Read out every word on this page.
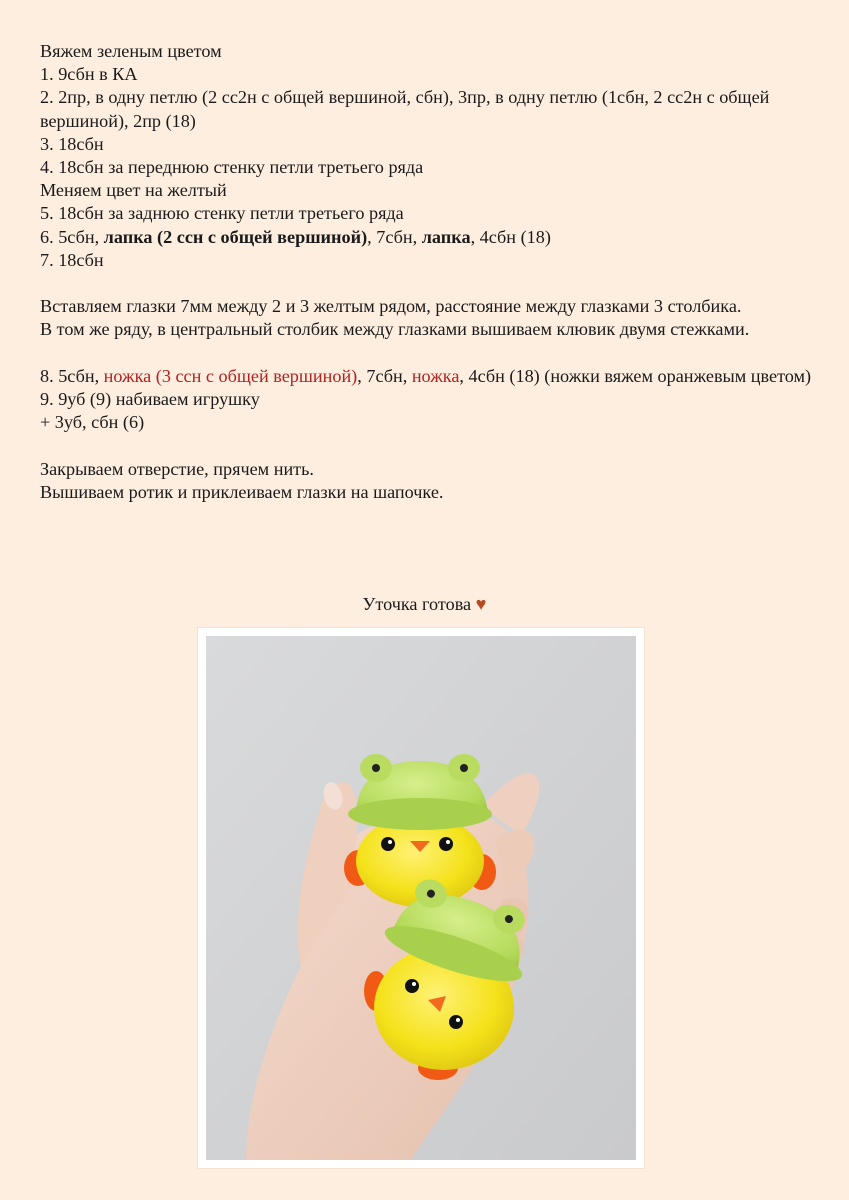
Вяжем зеленым цветом
1. 9сбн в КА
2. 2пр, в одну петлю (2 сс2н с общей вершиной, сбн), 3пр, в одну петлю (1сбн, 2 сс2н с общей вершиной), 2пр (18)
3. 18сбн
4. 18сбн за переднюю стенку петли третьего ряда
Меняем цвет на желтый
5. 18сбн за заднюю стенку петли третьего ряда
6. 5сбн, лапка (2 ссн с общей вершиной), 7сбн, лапка, 4сбн (18)
7. 18сбн
Вставляем глазки 7мм между 2 и 3 желтым рядом, расстояние между глазками 3 столбика.
В том же ряду, в центральный столбик между глазками вышиваем клювик двумя стежками.
8. 5сбн, ножка (3 ссн с общей вершиной), 7сбн, ножка, 4сбн (18) (ножки вяжем оранжевым цветом)
9. 9уб (9) набиваем игрушку
+ 3уб, сбн (6)
Закрываем отверстие, прячем нить.
Вышиваем ротик и приклеиваем глазки на шапочке.
Уточка готова ♥
